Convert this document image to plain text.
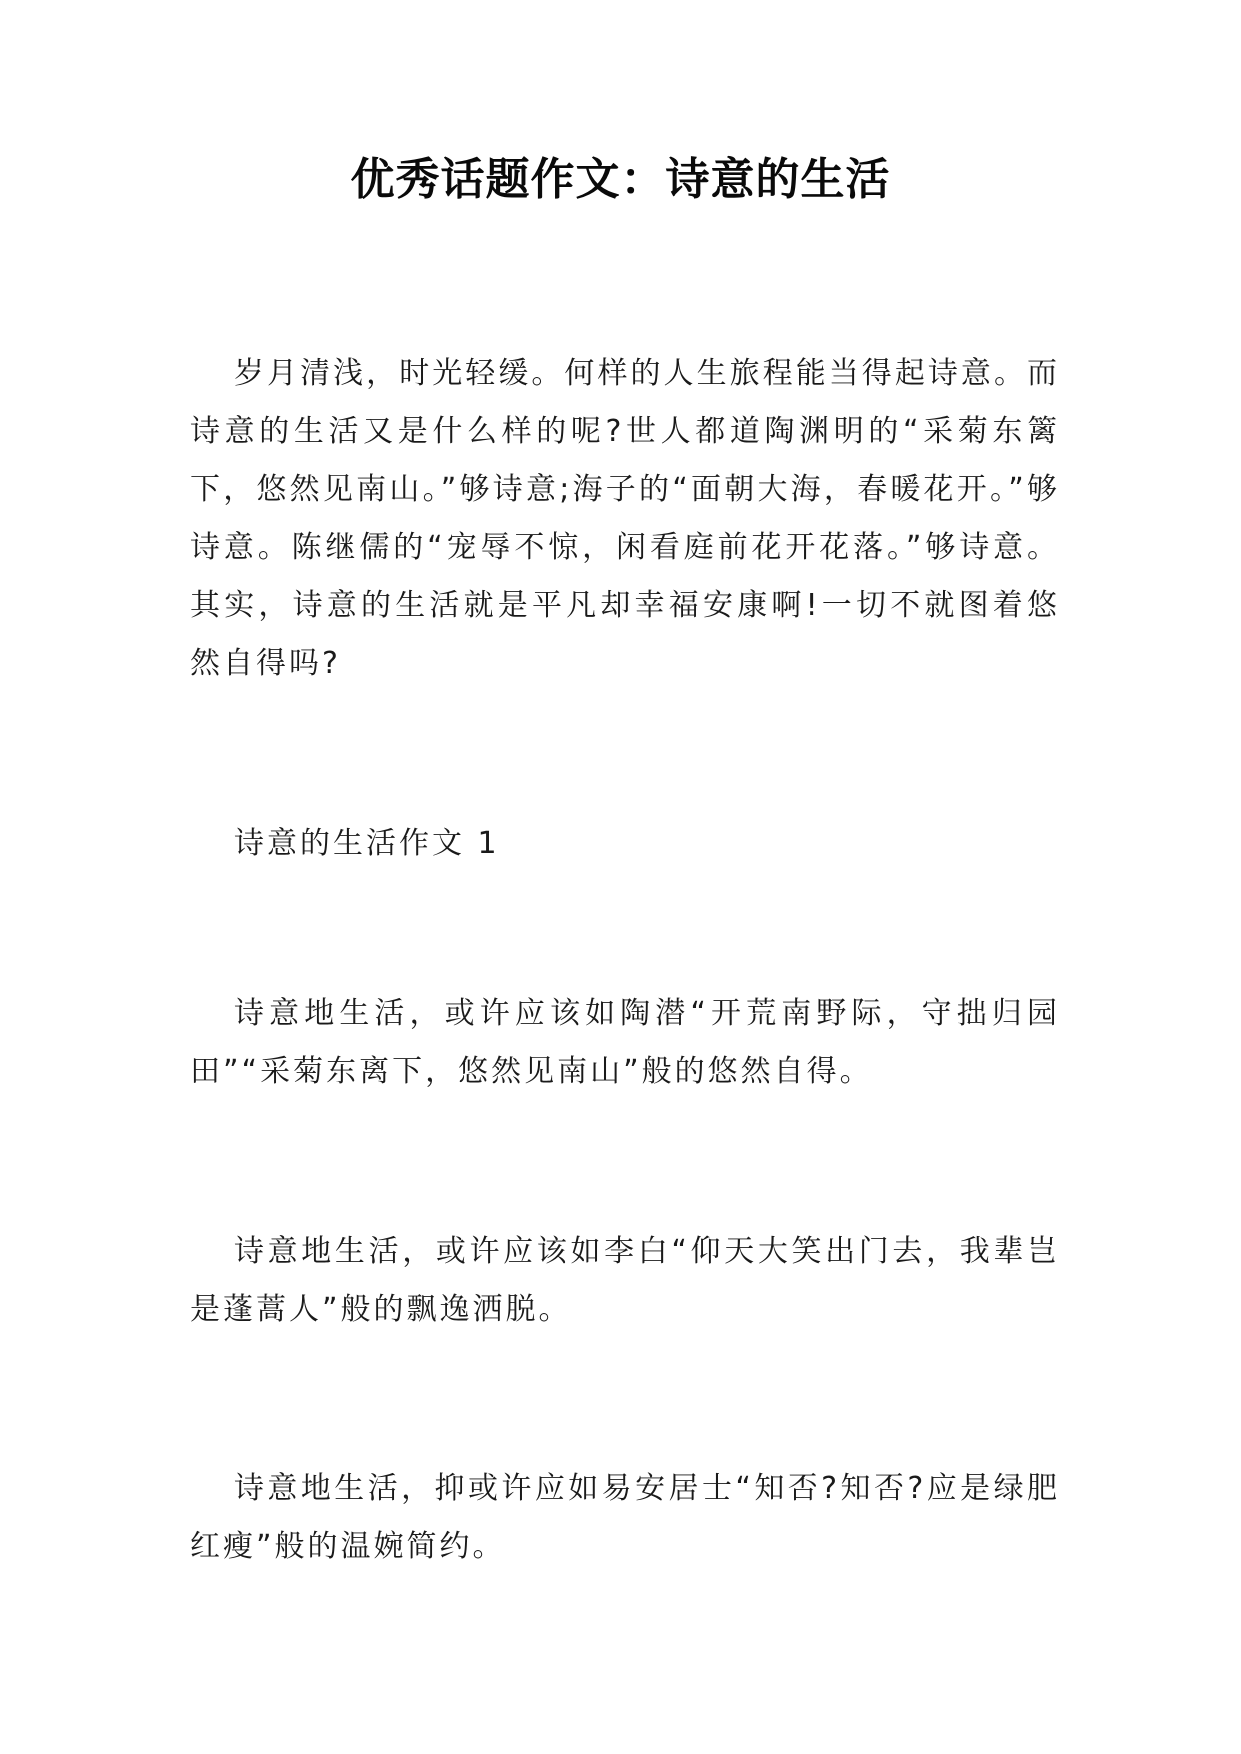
优秀话题作文：诗意的生活

岁月清浅，时光轻缓。何样的人生旅程能当得起诗意。而诗意的生活又是什么样的呢?世人都道陶渊明的“采菊东篱下，悠然见南山。”够诗意;海子的“面朝大海，春暖花开。”够诗意。陈继儒的“宠辱不惊，闲看庭前花开花落。”够诗意。其实，诗意的生活就是平凡却幸福安康啊!一切不就图着悠然自得吗?

诗意的生活作文 1

诗意地生活，或许应该如陶潜“开荒南野际，守拙归园田”“采菊东离下，悠然见南山”般的悠然自得。

诗意地生活，或许应该如李白“仰天大笑出门去，我辈岂是蓬蒿人”般的飘逸洒脱。

诗意地生活，抑或许应如易安居士“知否?知否?应是绿肥红瘦”般的温婉简约。
